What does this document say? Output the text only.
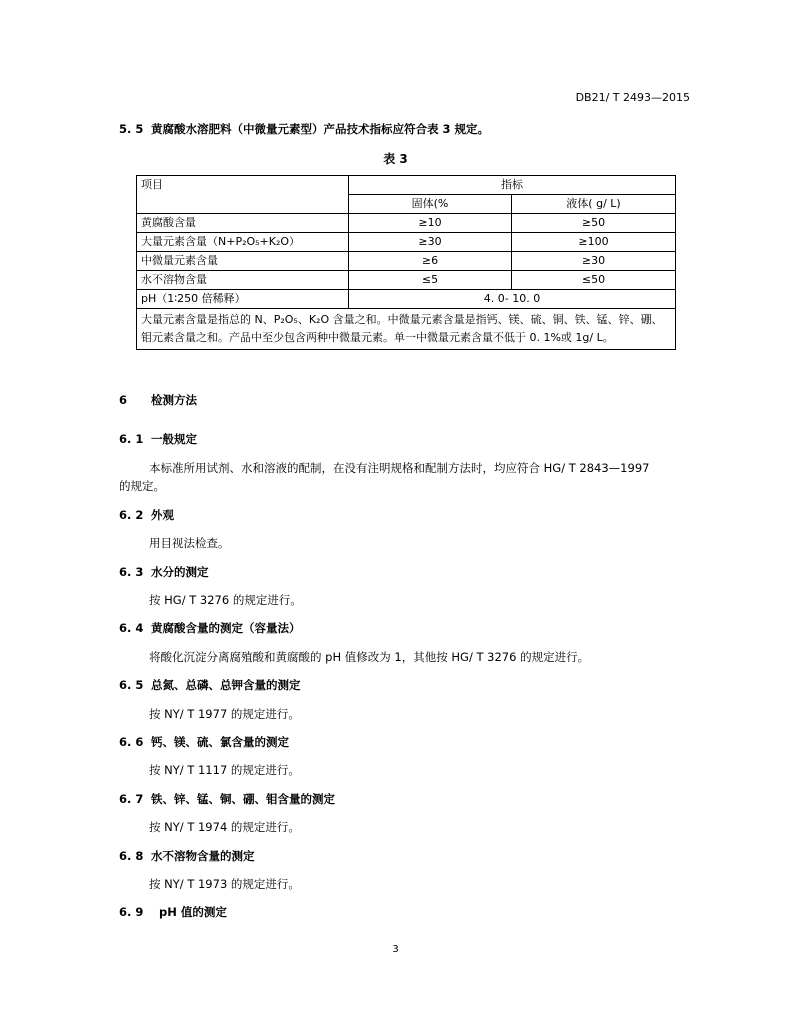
DB21/ T 2493—2015
5. 5 黄腐酸水溶肥料（中微量元素型）产品技术指标应符合表 3 规定。
表 3
项目	指标	
	固体(%	液体( g/ L)
黄腐酸含量	≥10	≥50
大量元素含量（N+P₂O₅+K₂O）	≥30	≥100
中微量元素含量	≥6	≥30
水不溶物含量	≤5	≤50
pH（1∶250 倍稀释）	4. 0- 10. 0	
大量元素含量是指总的 N、P₂O₅、K₂O 含量之和。中微量元素含量是指钙、镁、硫、铜、铁、锰、锌、硼、钼元素含量之和。产品中至少包含两种中微量元素。单一中微量元素含量不低于 0. 1%或 1g/ L。		
6 检测方法
6. 1 一般规定
本标准所用试剂、水和溶液的配制，在没有注明规格和配制方法时，均应符合 HG/ T 2843—1997
的规定。
6. 2 外观
用目视法检查。
6. 3 水分的测定
按 HG/ T 3276 的规定进行。
6. 4 黄腐酸含量的测定（容量法）
将酸化沉淀分离腐殖酸和黄腐酸的 pH 值修改为 1，其他按 HG/ T 3276 的规定进行。
6. 5 总氮、总磷、总钾含量的测定
按 NY/ T 1977 的规定进行。
6. 6 钙、镁、硫、氯含量的测定
按 NY/ T 1117 的规定进行。
6. 7 铁、锌、锰、铜、硼、钼含量的测定
按 NY/ T 1974 的规定进行。
6. 8 水不溶物含量的测定
按 NY/ T 1973 的规定进行。
6. 9 pH 值的测定
3
